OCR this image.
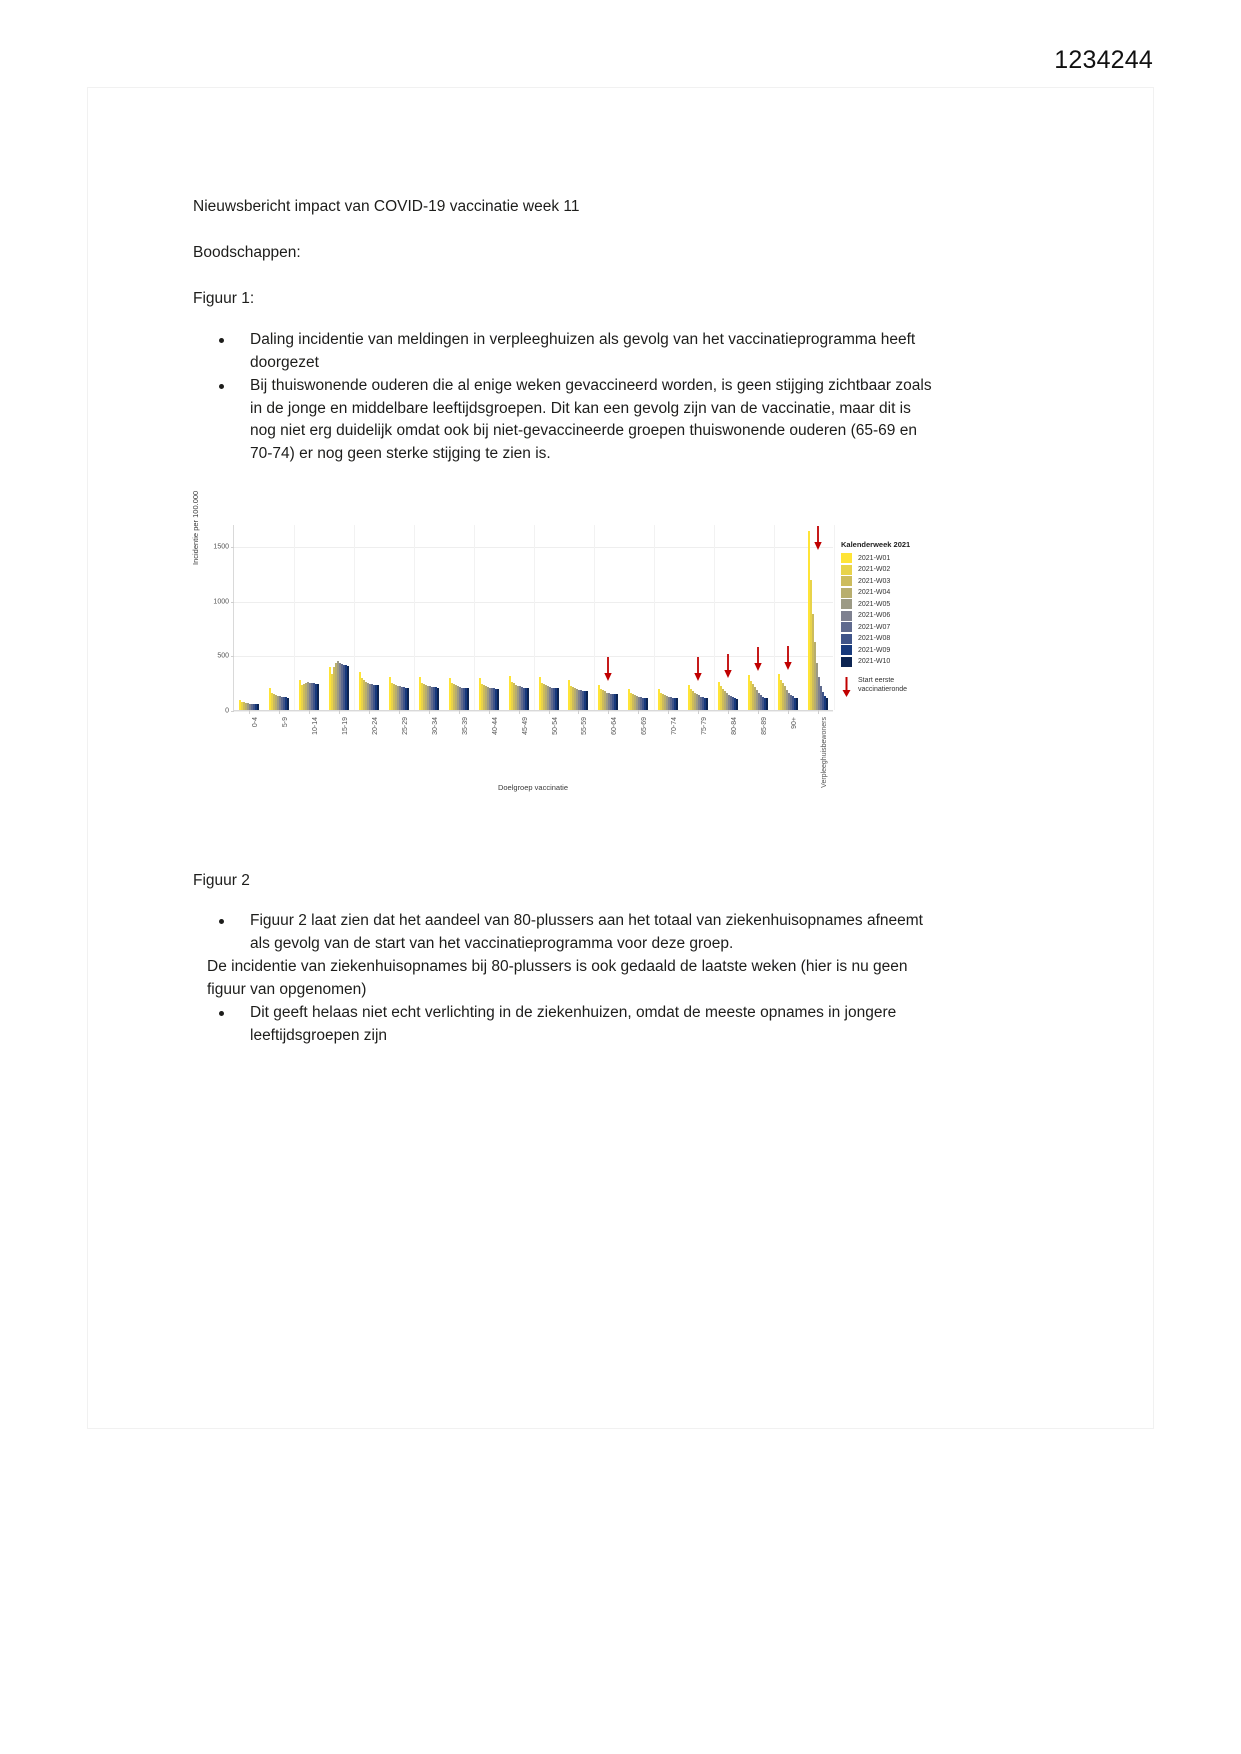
1234244

Nieuwsbericht impact van COVID-19 vaccinatie week 11

Boodschappen:

Figuur 1:

Daling incidentie van meldingen in verpleeghuizen als gevolg van het vaccinatieprogramma heeft doorgezet
Bij thuiswonende ouderen die al enige weken gevaccineerd worden, is geen stijging zichtbaar zoals in de jonge en middelbare leeftijdsgroepen. Dit kan een gevolg zijn van de vaccinatie, maar dit is nog niet erg duidelijk omdat ook bij niet-gevaccineerde groepen thuiswonende ouderen (65-69 en 70-74) er nog geen sterke stijging te zien is.
Incidentie per 100.000
0
500
1000
1500
0-4	5-9	10-14	15-19	20-24	25-29	30-34	35-39	40-44	45-49	50-54	55-59	60-64	65-69	70-74	75-79	80-84	85-89	90+	Verpleeghuisbewoners
Doelgroep vaccinatie
Kalenderweek 2021
2021-W01
2021-W02
2021-W03
2021-W04
2021-W05
2021-W06
2021-W07
2021-W08
2021-W09
2021-W10
Start eerste
vaccinatieronde

Figuur 2

Figuur 2 laat zien dat het aandeel van 80-plussers aan het totaal van ziekenhuisopnames afneemt als gevolg van de start van het vaccinatieprogramma voor deze groep.
De incidentie van ziekenhuisopnames bij 80-plussers is ook gedaald de laatste weken (hier is nu geen figuur van opgenomen)
Dit geeft helaas niet echt verlichting in de ziekenhuizen, omdat de meeste opnames in jongere leeftijdsgroepen zijn
